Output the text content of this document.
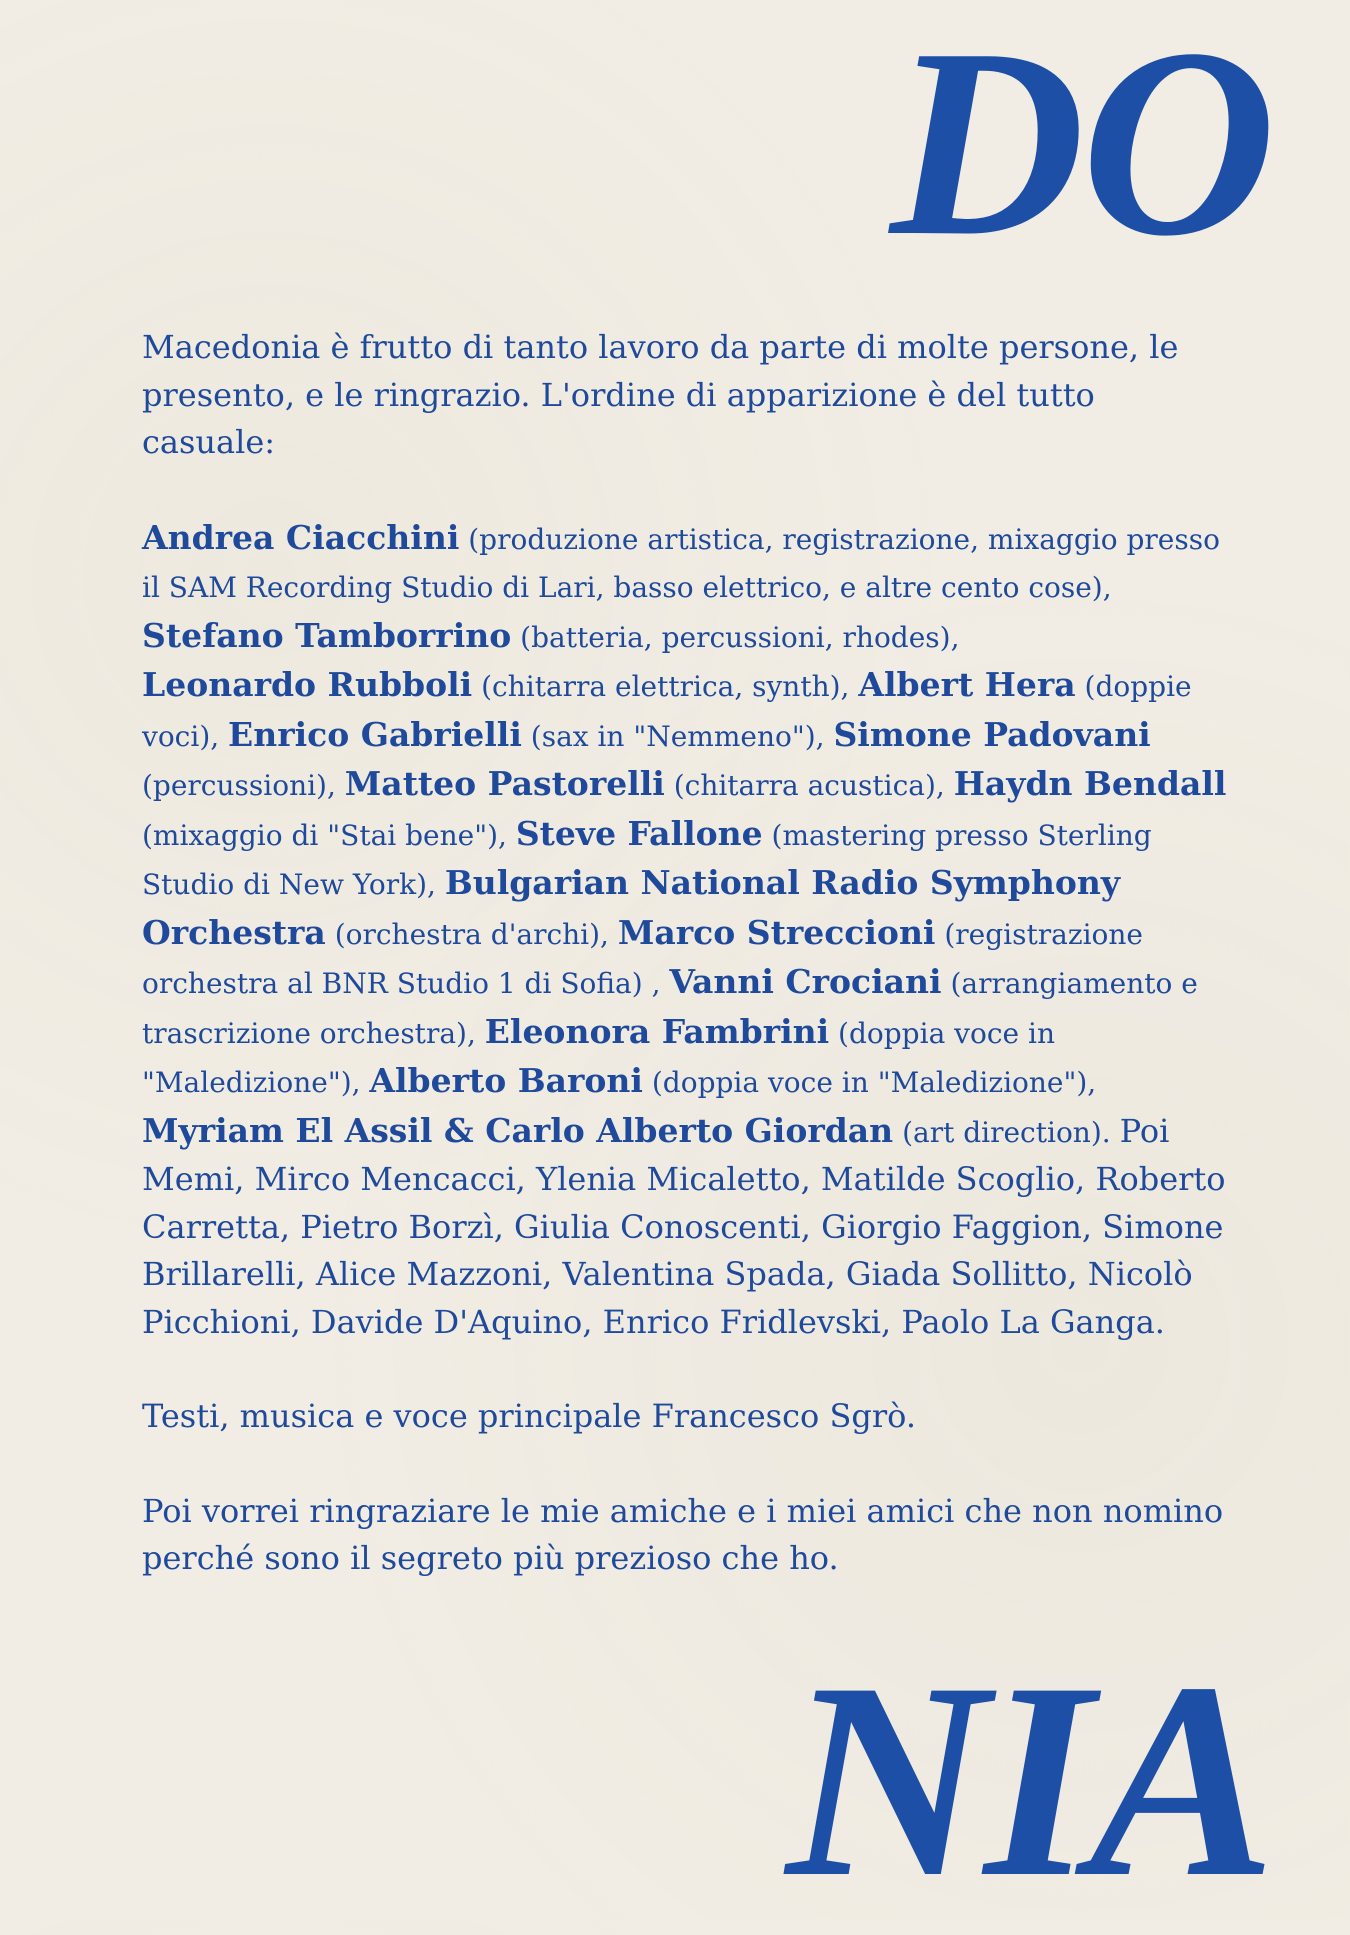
DO

Macedonia è frutto di tanto lavoro da parte di molte persone, le presento, e le ringrazio. L'ordine di apparizione è del tutto casuale:

Andrea Ciacchini (produzione artistica, registrazione, mixaggio presso il SAM Recording Studio di Lari, basso elettrico, e altre cento cose),
Stefano Tamborrino (batteria, percussioni, rhodes),
Leonardo Rubboli (chitarra elettrica, synth), Albert Hera (doppie voci), Enrico Gabrielli (sax in "Nemmeno"), Simone Padovani (percussioni), Matteo Pastorelli (chitarra acustica), Haydn Bendall (mixaggio di "Stai bene"), Steve Fallone (mastering presso Sterling Studio di New York), Bulgarian National Radio Symphony Orchestra (orchestra d'archi), Marco Streccioni (registrazione orchestra al BNR Studio 1 di Sofia) , Vanni Crociani (arrangiamento e trascrizione orchestra), Eleonora Fambrini (doppia voce in "Maledizione"), Alberto Baroni (doppia voce in "Maledizione"), Myriam El Assil & Carlo Alberto Giordan (art direction). Poi Memi, Mirco Mencacci, Ylenia Micaletto, Matilde Scoglio, Roberto Carretta, Pietro Borzì, Giulia Conoscenti, Giorgio Faggion, Simone Brillarelli, Alice Mazzoni, Valentina Spada, Giada Sollitto, Nicolò Picchioni, Davide D'Aquino, Enrico Fridlevski, Paolo La Ganga.

Testi, musica e voce principale Francesco Sgrò.

Poi vorrei ringraziare le mie amiche e i miei amici che non nomino perché sono il segreto più prezioso che ho.

NIA
